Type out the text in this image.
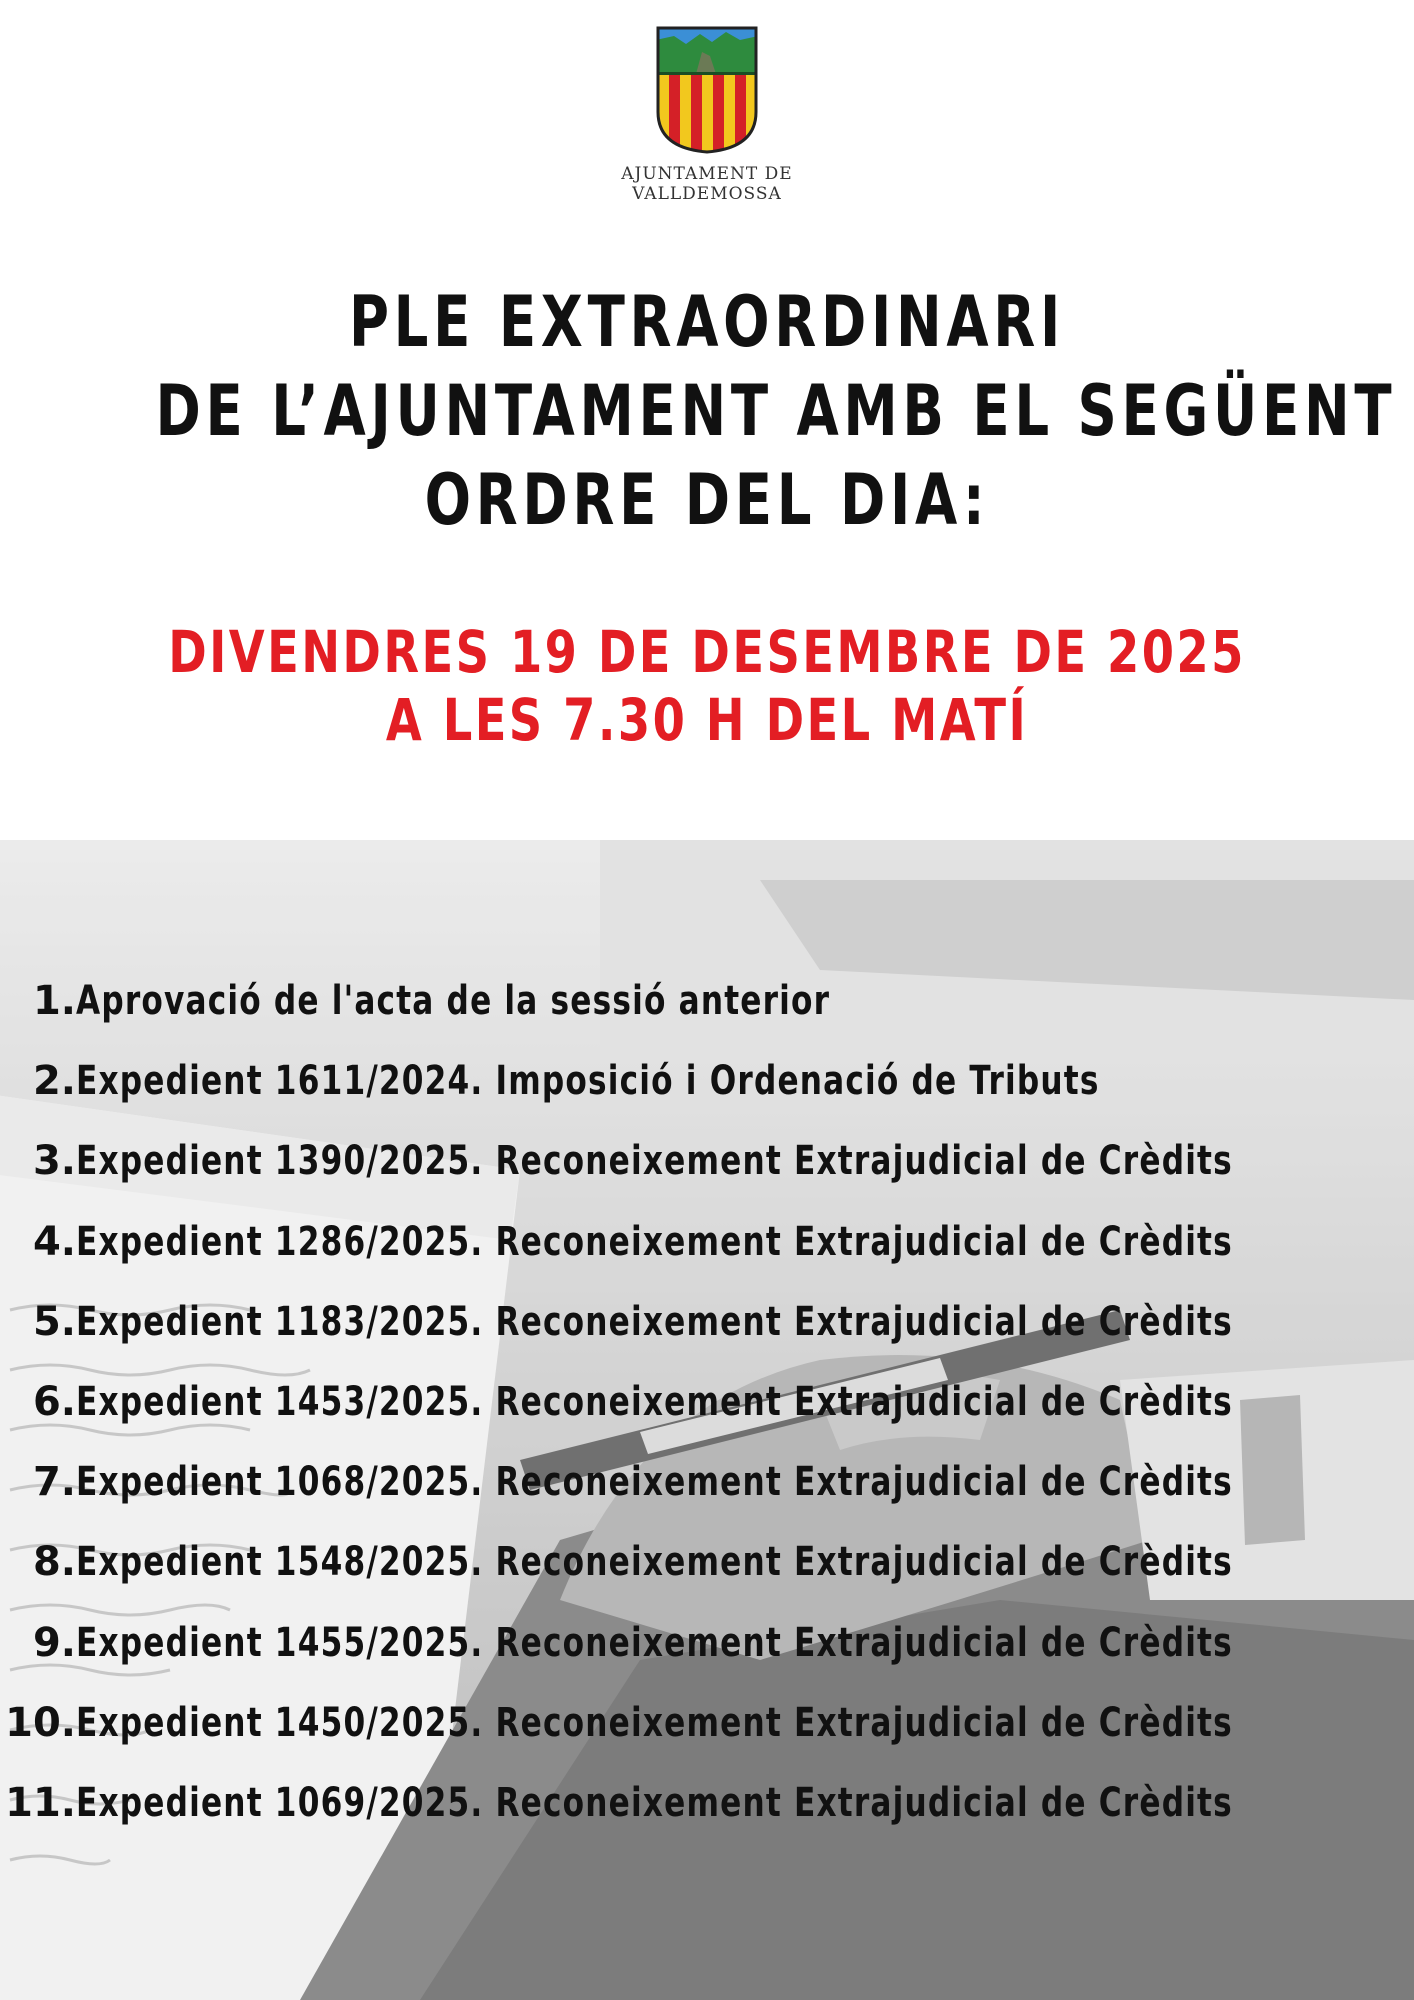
AJUNTAMENT DE
VALLDEMOSSA
PLE EXTRAORDINARI
DE L’AJUNTAMENT AMB EL SEGÜENT
ORDRE DEL DIA:
DIVENDRES 19 DE DESEMBRE DE 2025
A LES 7.30 H DEL MATÍ
1. Aprovació de l'acta de la sessió anterior
2. Expedient 1611/2024. Imposició i Ordenació de Tributs
3. Expedient 1390/2025. Reconeixement Extrajudicial de Crèdits
4. Expedient 1286/2025. Reconeixement Extrajudicial de Crèdits
5. Expedient 1183/2025. Reconeixement Extrajudicial de Crèdits
6. Expedient 1453/2025. Reconeixement Extrajudicial de Crèdits
7. Expedient 1068/2025. Reconeixement Extrajudicial de Crèdits
8. Expedient 1548/2025. Reconeixement Extrajudicial de Crèdits
9. Expedient 1455/2025. Reconeixement Extrajudicial de Crèdits
10. Expedient 1450/2025. Reconeixement Extrajudicial de Crèdits
11. Expedient 1069/2025. Reconeixement Extrajudicial de Crèdits
